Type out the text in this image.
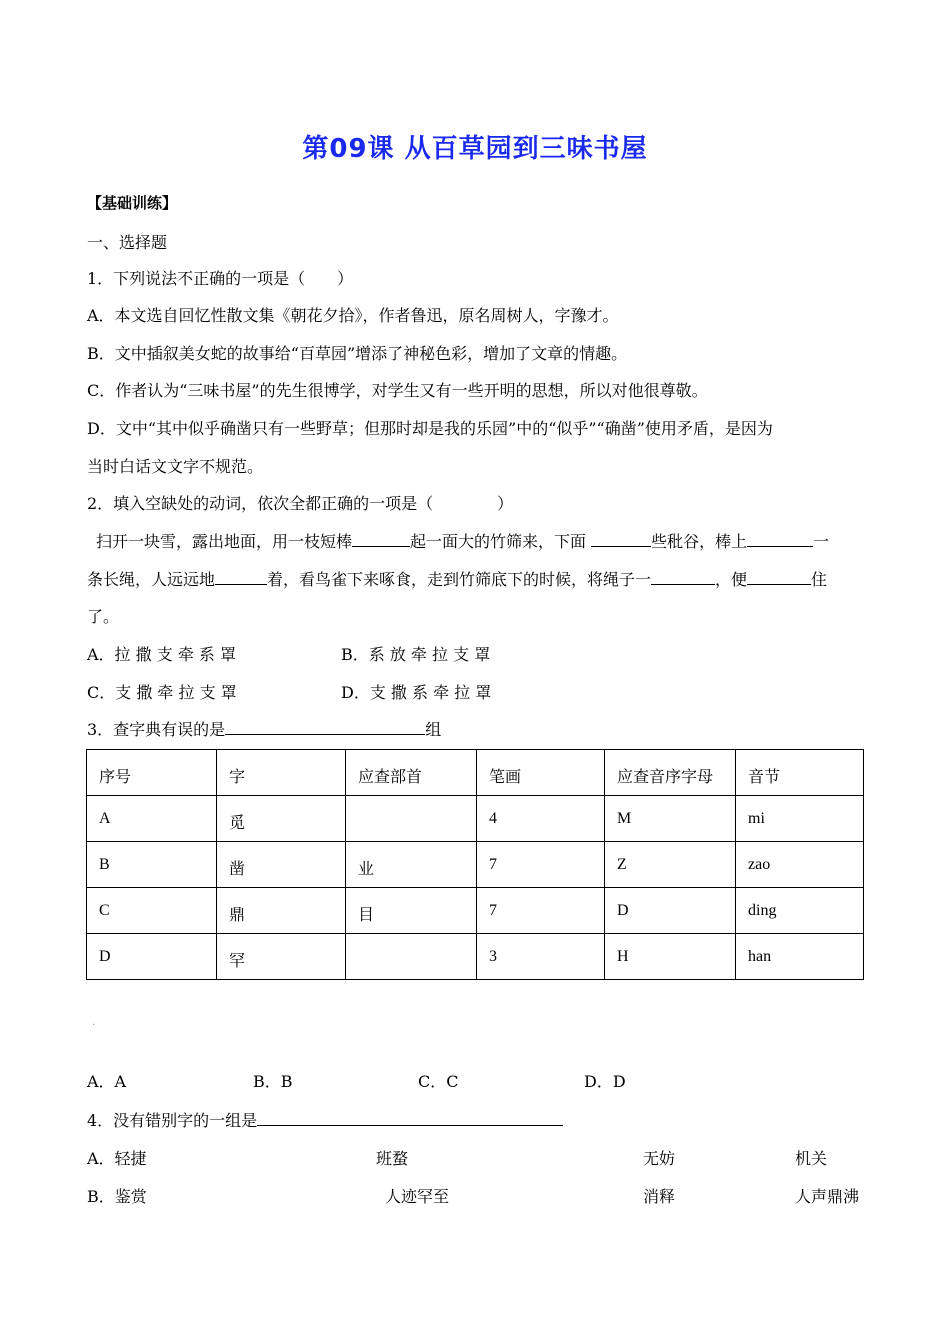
第09课 从百草园到三味书屋
【基础训练】
一、选择题
1．下列说法不正确的一项是（　　）
A．本文选自回忆性散文集《朝花夕拾》，作者鲁迅，原名周树人，字豫才。
B．文中插叙美女蛇的故事给“百草园”增添了神秘色彩，增加了文章的情趣。
C．作者认为“三味书屋”的先生很博学，对学生又有一些开明的思想，所以对他很尊敬。
D．文中“其中似乎确凿只有一些野草；但那时却是我的乐园”中的“似乎”“确凿”使用矛盾，是因为
当时白话文文字不规范。
2．填入空缺处的动词，依次全都正确的一项是（　　　　）
扫开一块雪，露出地面，用一枝短棒	起一面大的竹筛来，下面	些秕谷，棒上	一
条长绳，人远远地	着，看鸟雀下来啄食，走到竹筛底下的时候，将绳子一	，便	住
了。
A．拉 撒 支 牵 系 罩	B．系 放 牵 拉 支 罩
C．支 撒 牵 拉 支 罩	D．支 撒 系 牵 拉 罩
3．查字典有误的是	组
序号	字	应查部首	笔画	应查音序字母	音节
A	觅		4	M	mi
B	凿	业	7	Z	zao
C	鼎	目	7	D	ding
D	罕		3	H	han
·
A．A	B．B	C．C	D．D
4．没有错别字的一组是
A．轻捷	班蝥	无妨	机关
B．鉴赏	人迹罕至	消释	人声鼎沸
